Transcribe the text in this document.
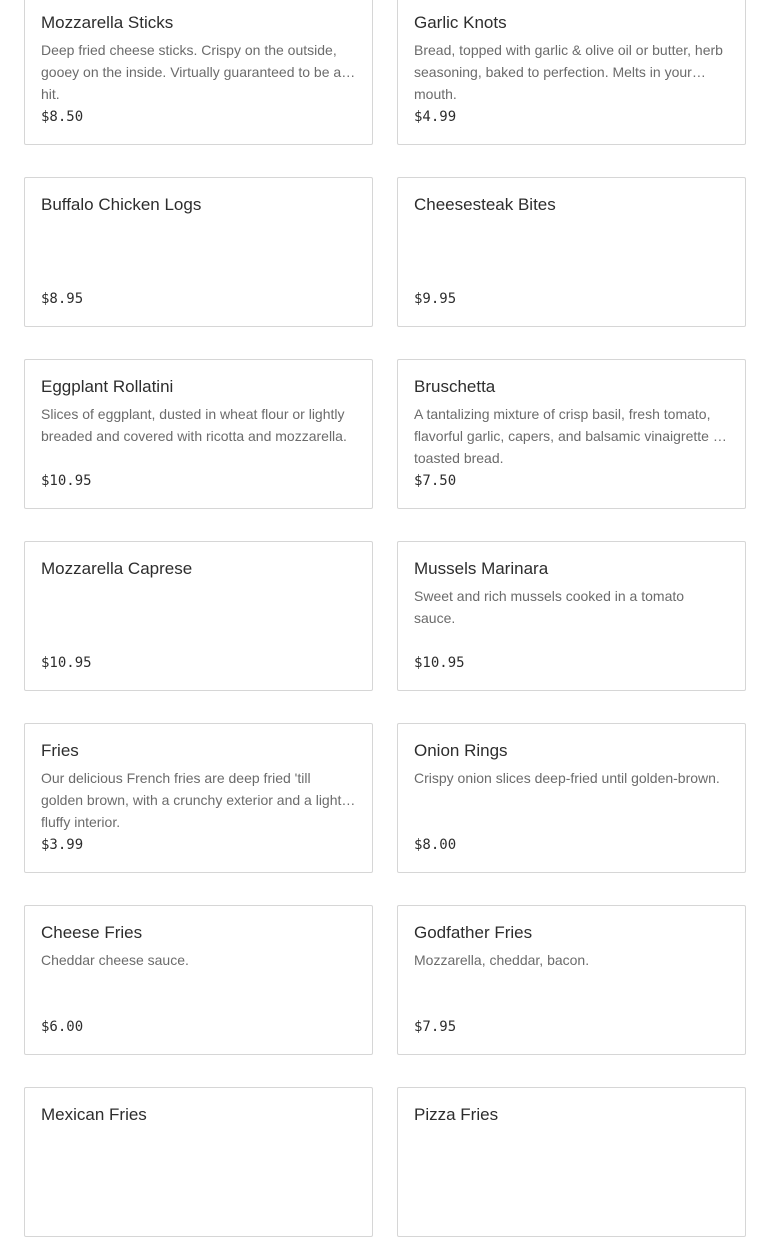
Mozzarella Sticks
Deep fried cheese sticks. Crispy on the outside, gooey on the inside. Virtually guaranteed to be a hit.
$8.50
Garlic Knots
Bread, topped with garlic & olive oil or butter, herb seasoning, baked to perfection. Melts in your mouth.
$4.99
Buffalo Chicken Logs
$8.95
Cheesesteak Bites
$9.95
Eggplant Rollatini
Slices of eggplant, dusted in wheat flour or lightly breaded and covered with ricotta and mozzarella.
$10.95
Bruschetta
A tantalizing mixture of crisp basil, fresh tomato, flavorful garlic, capers, and balsamic vinaigrette on toasted bread.
$7.50
Mozzarella Caprese
$10.95
Mussels Marinara
Sweet and rich mussels cooked in a tomato sauce.
$10.95
Fries
Our delicious French fries are deep fried 'till golden brown, with a crunchy exterior and a light fluffy interior.
$3.99
Onion Rings
Crispy onion slices deep-fried until golden-brown.
$8.00
Cheese Fries
Cheddar cheese sauce.
$6.00
Godfather Fries
Mozzarella, cheddar, bacon.
$7.95
Mexican Fries	Pizza Fries
